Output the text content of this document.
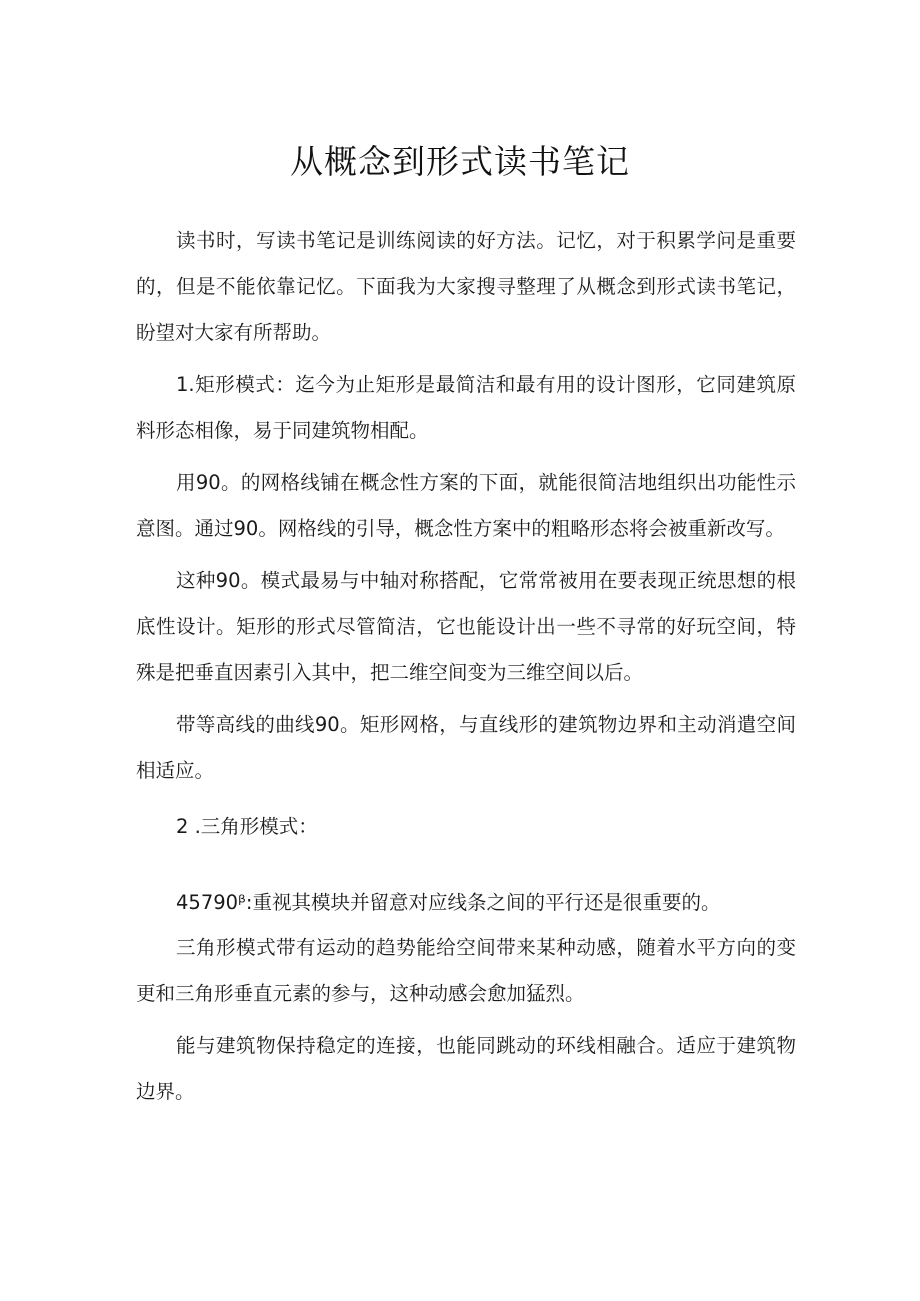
从概念到形式读书笔记

读书时，写读书笔记是训练阅读的好方法。记忆，对于积累学问是重要的，但是不能依靠记忆。下面我为大家搜寻整理了从概念到形式读书笔记，盼望对大家有所帮助。

1.矩形模式：迄今为止矩形是最简洁和最有用的设计图形，它同建筑原料形态相像，易于同建筑物相配。

用90。的网格线铺在概念性方案的下面，就能很简洁地组织出功能性示意图。通过90。网格线的引导，概念性方案中的粗略形态将会被重新改写。

这种90。模式最易与中轴对称搭配，它常常被用在要表现正统思想的根底性设计。矩形的形式尽管简洁，它也能设计出一些不寻常的好玩空间，特殊是把垂直因素引入其中，把二维空间变为三维空间以后。

带等高线的曲线90。矩形网格，与直线形的建筑物边界和主动消遣空间相适应。

2 .三角形模式：

45790ᵝ:重视其模块并留意对应线条之间的平行还是很重要的。

三角形模式带有运动的趋势能给空间带来某种动感，随着水平方向的变更和三角形垂直元素的参与，这种动感会愈加猛烈。

能与建筑物保持稳定的连接，也能同跳动的环线相融合。适应于建筑物边界。
